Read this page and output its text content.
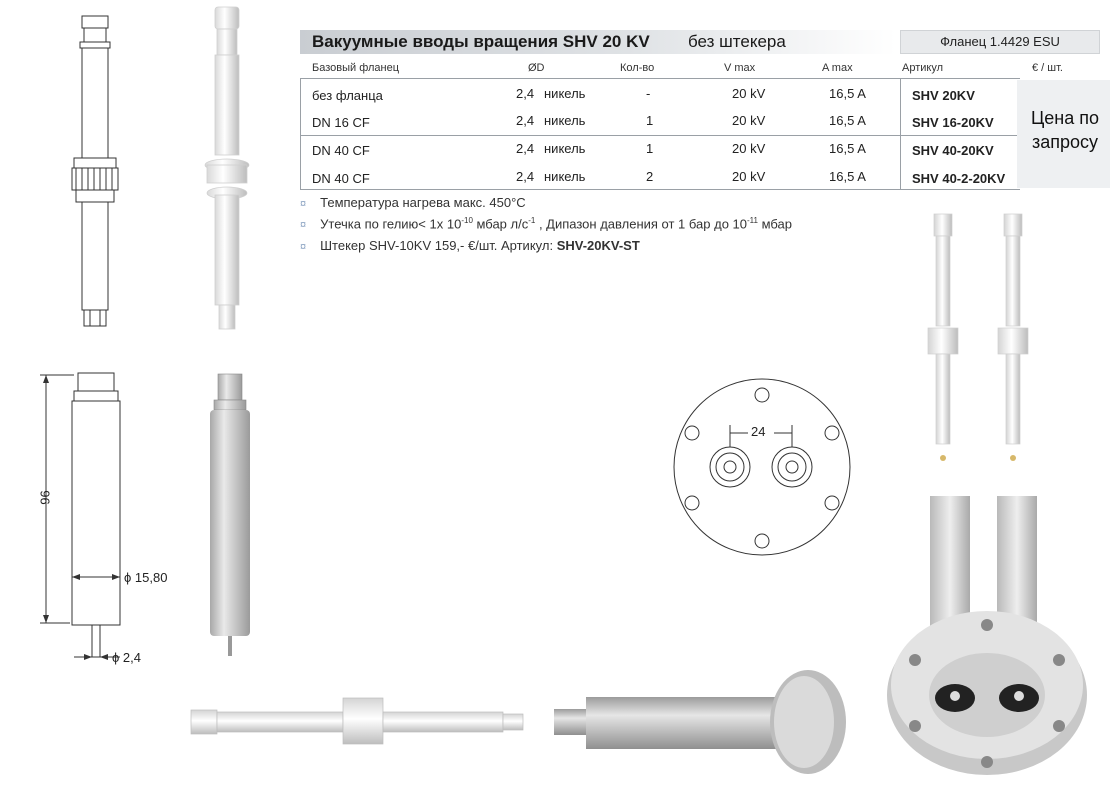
Вакуумные вводы вращения SHV 20 KV без штекера	Фланец 1.4429 ESU
Базовый фланец	ØD	Кол-во	V max	A max	Артикул	€ / шт.
Цена по
запросу
без фланца	2,4 никель	-	20 kV	16,5 A	SHV 20KV
DN 16 CF	2,4 никель	1	20 kV	16,5 A	SHV 16-20KV
DN 40 CF	2,4 никель	1	20 kV	16,5 A	SHV 40-20KV
DN 40 CF	2,4 никель	2	20 kV	16,5 A	SHV 40-2-20KV
¤ Температура нагрева макс. 450°C
¤ Утечка по гелию< 1x $10^{-10}$ мбар $л/с^{-1}$ , Дипазон давления от 1 бар до $10^{-11}$ мбар
¤ Штекер SHV-10KV 159,- €/шт. Артикул: SHV-20KV-ST
96
ϕ 15,80
ϕ 2,4
24
